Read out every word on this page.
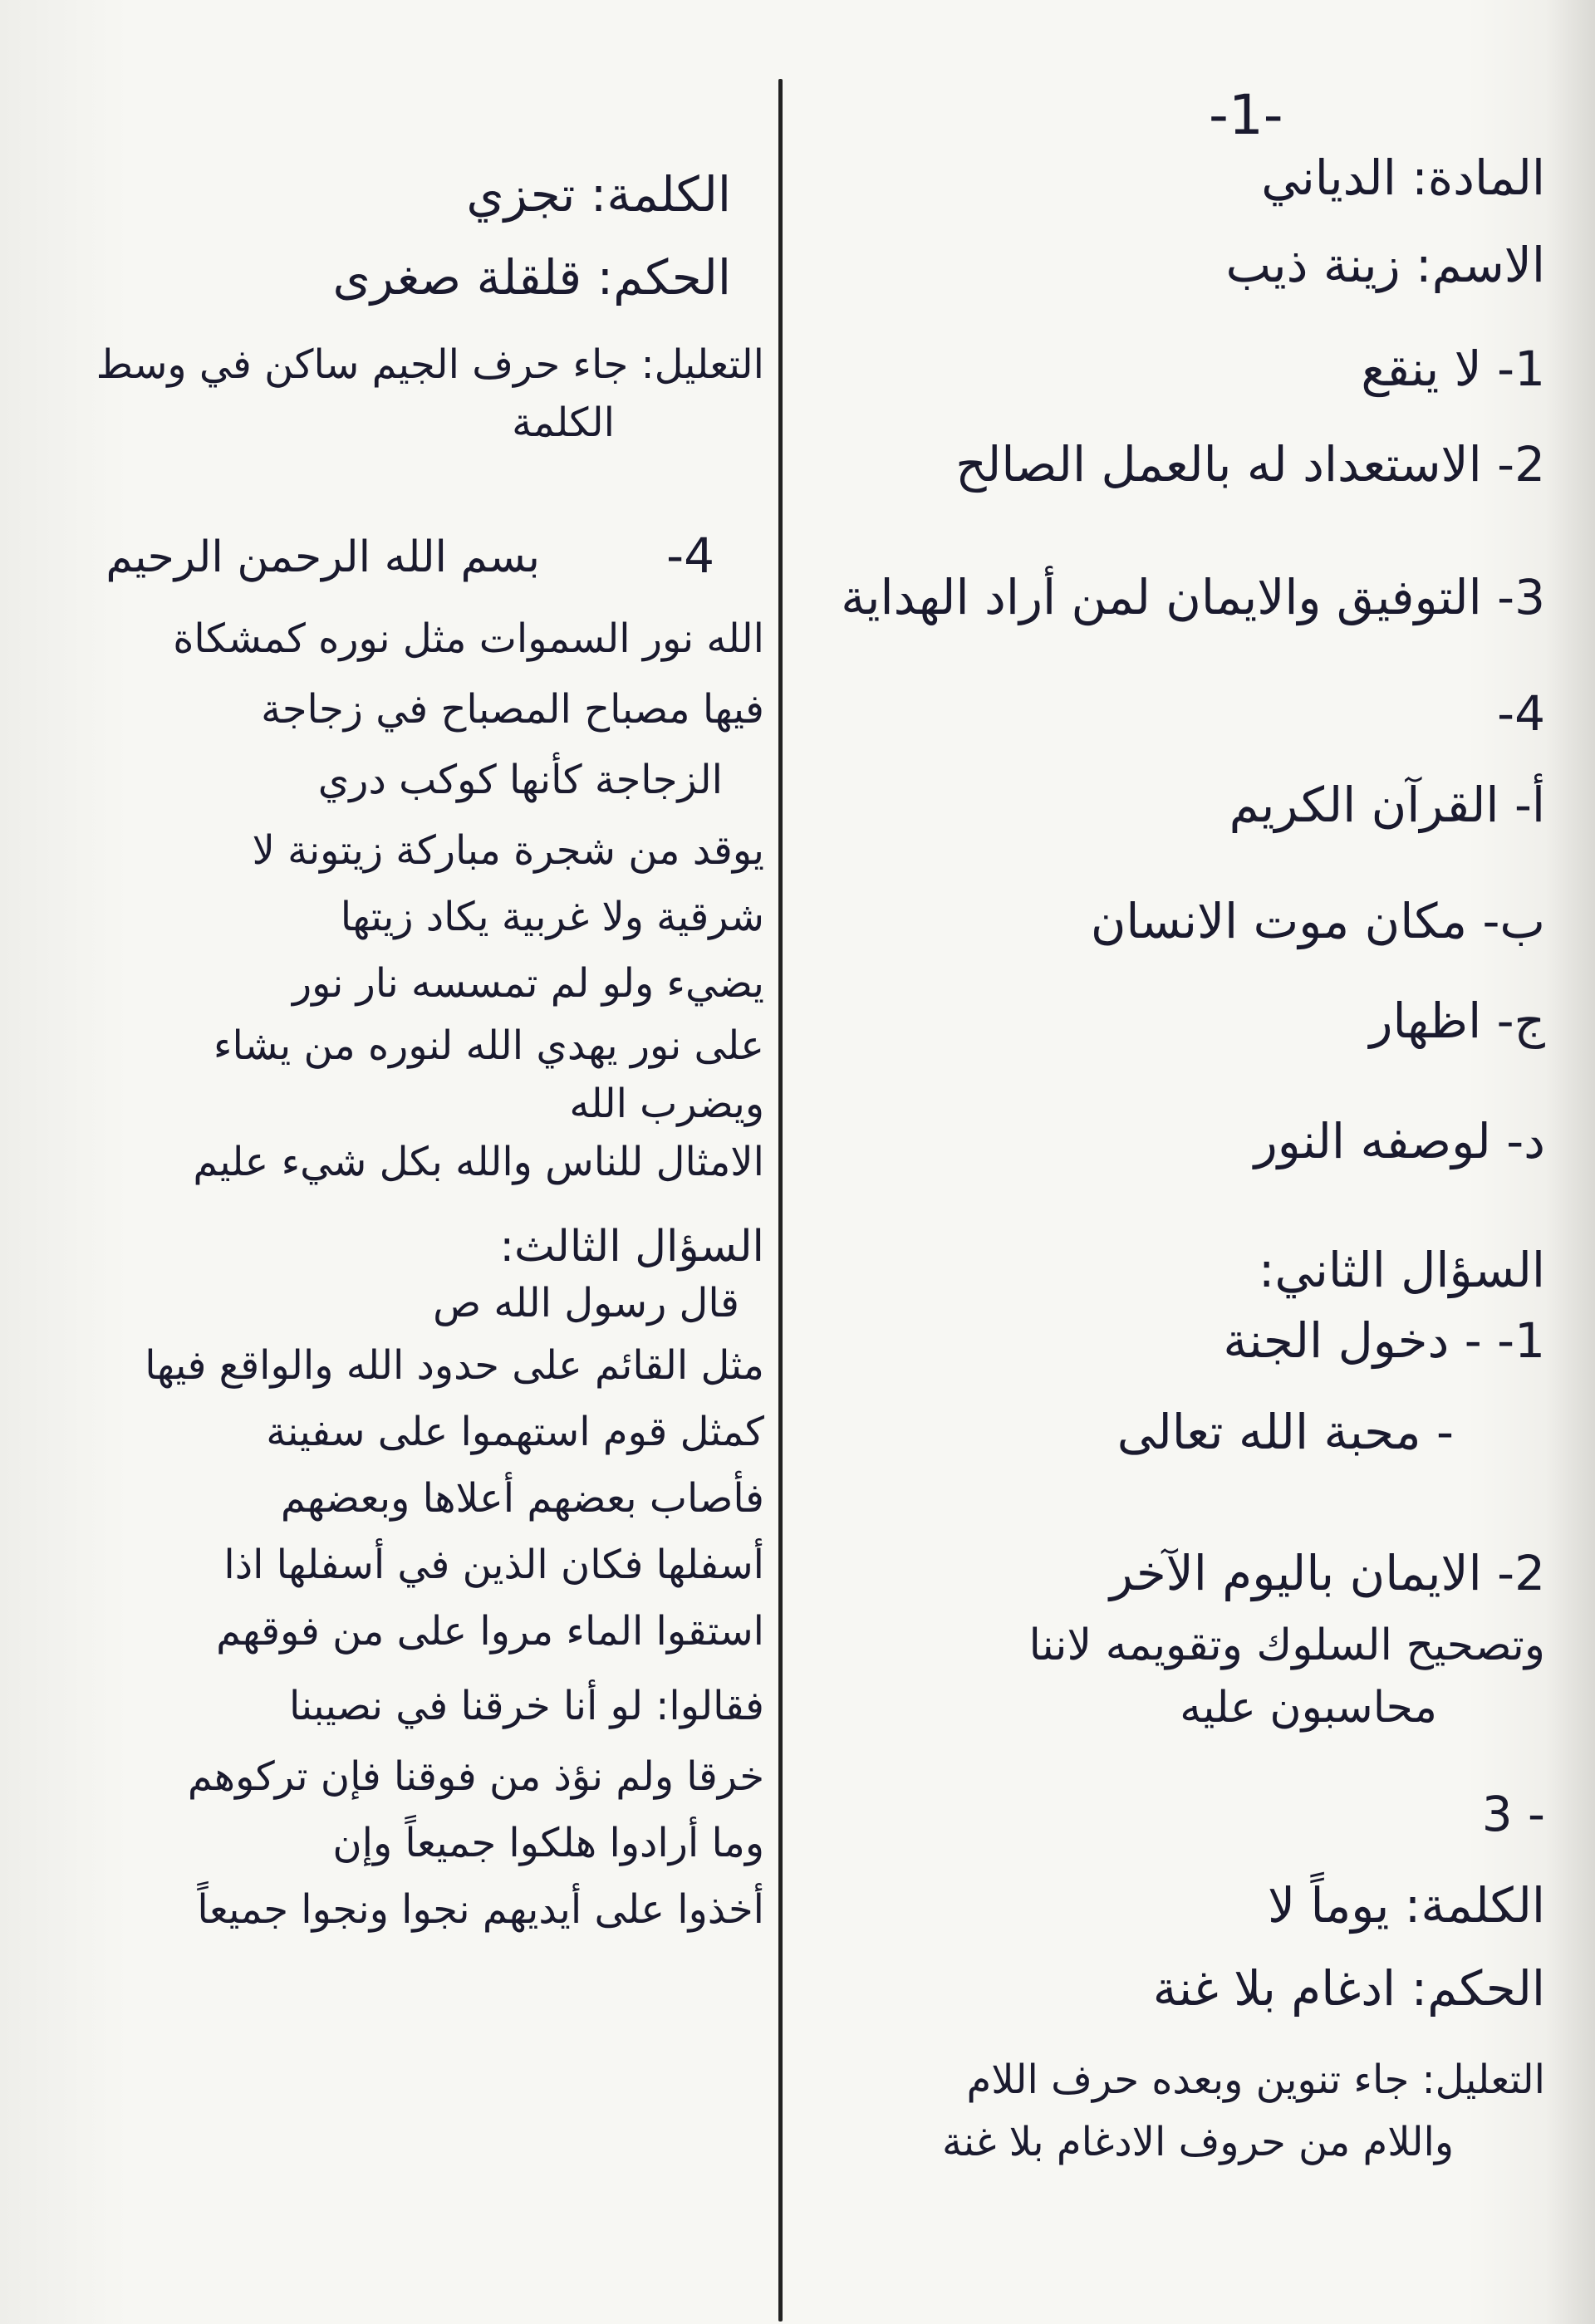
-1-
المادة: الدياني
الاسم: زينة ذيب
1- لا ينقع
2- الاستعداد له بالعمل الصالح
3- التوفيق والايمان لمن أراد الهداية
4-
أ- القرآن الكريم
ب- مكان موت الانسان
ج- اظهار
د- لوصفه النور
السؤال الثاني:
1- - دخول الجنة
- محبة الله تعالى
2- الايمان باليوم الآخر
وتصحيح السلوك وتقويمه لاننا
محاسبون عليه
- 3
الكلمة: يوماً لا
الحكم: ادغام بلا غنة
التعليل: جاء تنوين وبعده حرف اللام
واللام من حروف الادغام بلا غنة
الكلمة: تجزي
الحكم: قلقلة صغرى
التعليل: جاء حرف الجيم ساكن في وسط
الكلمة
4-
بسم الله الرحمن الرحيم
الله نور السموات مثل نوره كمشكاة
فيها مصباح المصباح في زجاجة
الزجاجة كأنها كوكب دري
يوقد من شجرة مباركة زيتونة لا
شرقية ولا غربية يكاد زيتها
يضيء ولو لم تمسسه نار نور
على نور يهدي الله لنوره من يشاء
ويضرب الله
الامثال للناس والله بكل شيء عليم
السؤال الثالث:
قال رسول الله ص
مثل القائم على حدود الله والواقع فيها
كمثل قوم استهموا على سفينة
فأصاب بعضهم أعلاها وبعضهم
أسفلها فكان الذين في أسفلها اذا
استقوا الماء مروا على من فوقهم
فقالوا: لو أنا خرقنا في نصيبنا
خرقا ولم نؤذ من فوقنا فإن تركوهم
وما أرادوا هلكوا جميعاً وإن
أخذوا على أيديهم نجوا ونجوا جميعاً
